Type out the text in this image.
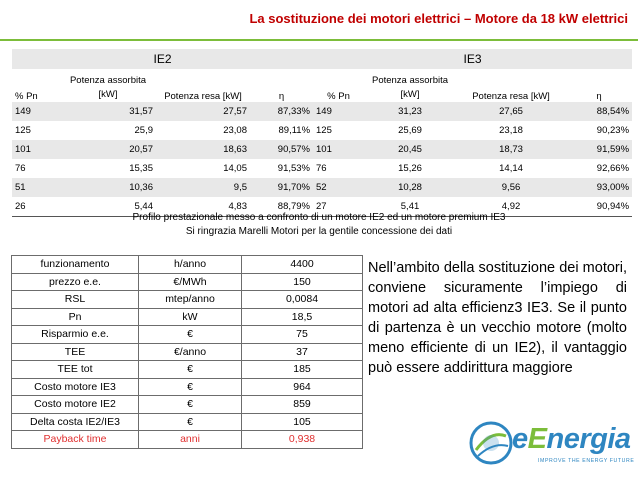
La sostituzione dei motori elettrici – Motore da 18 kW elettrici
IE2				IE3			
% Pn	Potenza assorbita [kW]	Potenza resa [kW]	η	% Pn	Potenza assorbita [kW]	Potenza resa [kW]	η
149	31,57	27,57	87,33%	149	31,23	27,65	88,54%
125	25,9	23,08	89,11%	125	25,69	23,18	90,23%
101	20,57	18,63	90,57%	101	20,45	18,73	91,59%
76	15,35	14,05	91,53%	76	15,26	14,14	92,66%
51	10,36	9,5	91,70%	52	10,28	9,56	93,00%
26	5,44	4,83	88,79%	27	5,41	4,92	90,94%
Profilo prestazionale messo a confronto di un motore IE2 ed un motore premium IE3
Si ringrazia Marelli Motori per la gentile concessione dei dati
funzionamento	h/anno	4400
prezzo e.e.	€/MWh	150
RSL	mtep/anno	0,0084
Pn	kW	18,5
Risparmio e.e.	€	75
TEE	€/anno	37
TEE tot	€	185
Costo motore IE3	€	964
Costo motore IE2	€	859
Delta costa IE2/IE3	€	105
Payback time	anni	0,938
Nell’ambito della sostituzione dei motori, conviene sicuramente l’impiego di motori ad alta efficienz3 IE3. Se il punto di partenza è un vecchio motore (molto meno efficiente di un IE2), il vantaggio può essere addirittura maggiore
eEnergia
IMPROVE THE ENERGY FUTURE
